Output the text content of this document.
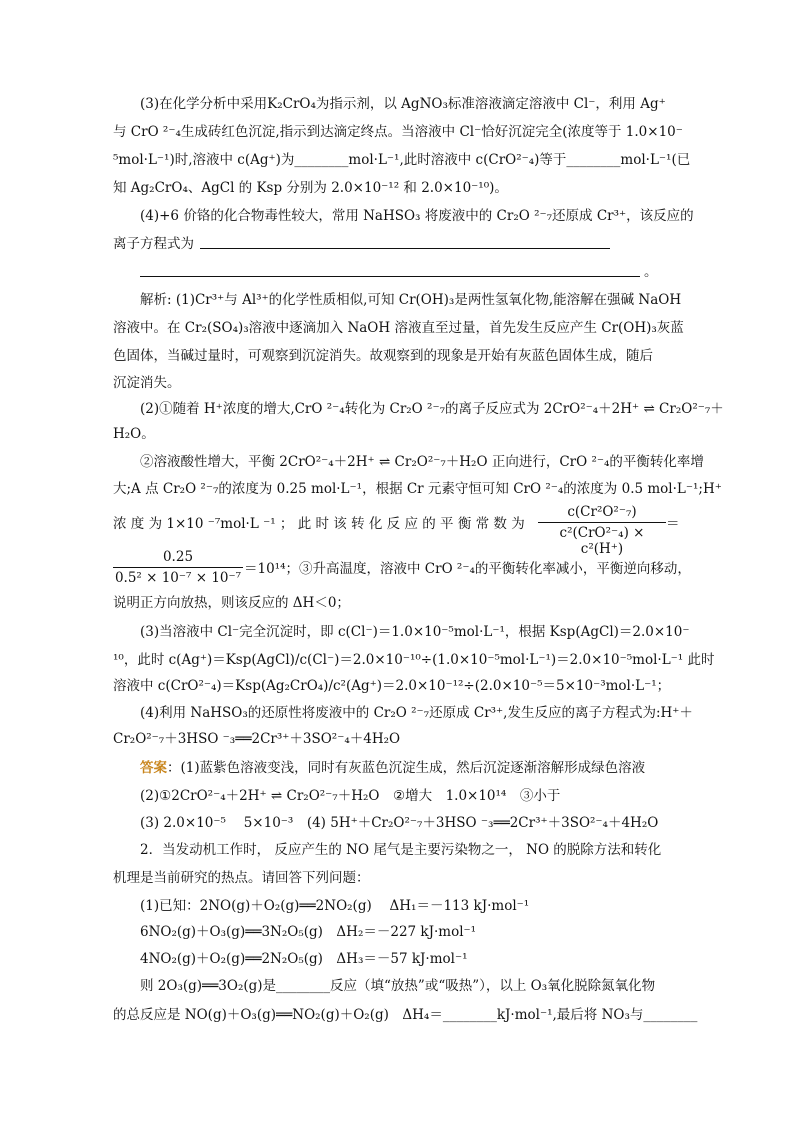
(3)在化学分析中采用K₂CrO₄为指示剂，以 AgNO₃标准溶液滴定溶液中 Cl⁻，利用 Ag⁺
与 CrO ²⁻₄生成砖红色沉淀,指示到达滴定终点。当溶液中 Cl⁻恰好沉淀完全(浓度等于 1.0×10⁻
⁵mol·L⁻¹)时,溶液中 c(Ag⁺)为________mol·L⁻¹,此时溶液中 c(CrO²⁻₄)等于________mol·L⁻¹(已
知 Ag₂CrO₄、AgCl 的 Ksp 分别为 2.0×10⁻¹² 和 2.0×10⁻¹⁰)。
(4)+6 价铬的化合物毒性较大，常用 NaHSO₃ 将废液中的 Cr₂O ²⁻₇还原成 Cr³⁺，该反应的
离子方程式为
。
解析: (1)Cr³⁺与 Al³⁺的化学性质相似,可知 Cr(OH)₃是两性氢氧化物,能溶解在强碱 NaOH
溶液中。在 Cr₂(SO₄)₃溶液中逐滴加入 NaOH 溶液直至过量，首先发生反应产生 Cr(OH)₃灰蓝
色固体，当碱过量时，可观察到沉淀消失。故观察到的现象是开始有灰蓝色固体生成，随后
沉淀消失。
(2)①随着 H⁺浓度的增大,CrO ²⁻₄转化为 Cr₂O ²⁻₇的离子反应式为 2CrO²⁻₄＋2H⁺ ⇌ Cr₂O²⁻₇＋
H₂O。
②溶液酸性增大，平衡 2CrO²⁻₄＋2H⁺ ⇌ Cr₂O²⁻₇＋H₂O 正向进行，CrO ²⁻₄的平衡转化率增
大;A 点 Cr₂O ²⁻₇的浓度为 0.25 mol·L⁻¹，根据 Cr 元素守恒可知 CrO ²⁻₄的浓度为 0.5 mol·L⁻¹;H⁺
浓 度 为 1×10 ⁻⁷mol·L ⁻¹ ； 此 时 该 转 化 反 应 的 平 衡 常 数 为
c(Cr²O²⁻₇)
c²(CrO²⁻₄) × c²(H⁺)
＝
0.25
0.5² × 10⁻⁷ × 10⁻⁷
＝10¹⁴；③升高温度，溶液中 CrO ²⁻₄的平衡转化率减小，平衡逆向移动，
说明正方向放热，则该反应的 ΔH＜0；
(3)当溶液中 Cl⁻完全沉淀时，即 c(Cl⁻)＝1.0×10⁻⁵mol·L⁻¹，根据 Ksp(AgCl)＝2.0×10⁻
¹⁰，此时 c(Ag⁺)＝Ksp(AgCl)/c(Cl⁻)＝2.0×10⁻¹⁰÷(1.0×10⁻⁵mol·L⁻¹)＝2.0×10⁻⁵mol·L⁻¹ 此时
溶液中 c(CrO²⁻₄)＝Ksp(Ag₂CrO₄)/c²(Ag⁺)＝2.0×10⁻¹²÷(2.0×10⁻⁵＝5×10⁻³mol·L⁻¹；
(4)利用 NaHSO₃的还原性将废液中的 Cr₂O ²⁻₇还原成 Cr³⁺,发生反应的离子方程式为:H⁺＋
Cr₂O²⁻₇＋3HSO ⁻₃══2Cr³⁺＋3SO²⁻₄＋4H₂O
答案：(1)蓝紫色溶液变浅，同时有灰蓝色沉淀生成，然后沉淀逐渐溶解形成绿色溶液
(2)①2CrO²⁻₄＋2H⁺ ⇌ Cr₂O²⁻₇＋H₂O　②增大　1.0×10¹⁴　③小于
(3) 2.0×10⁻⁵　 5×10⁻³　(4) 5H⁺＋Cr₂O²⁻₇＋3HSO ⁻₃══2Cr³⁺＋3SO²⁻₄＋4H₂O
2．当发动机工作时， 反应产生的 NO 尾气是主要污染物之一， NO 的脱除方法和转化
机理是当前研究的热点。请回答下列问题：
(1)已知：2NO(g)＋O₂(g)══2NO₂(g)　 ΔH₁＝－113 kJ·mol⁻¹
6NO₂(g)＋O₃(g)══3N₂O₅(g)　ΔH₂＝－227 kJ·mol⁻¹
4NO₂(g)＋O₂(g)══2N₂O₅(g)　ΔH₃＝－57 kJ·mol⁻¹
则 2O₃(g)══3O₂(g)是________反应（填“放热”或“吸热”），以上 O₃氧化脱除氮氧化物
的总反应是 NO(g)＋O₃(g)══NO₂(g)＋O₂(g)　ΔH₄＝________kJ·mol⁻¹,最后将 NO₃与________
